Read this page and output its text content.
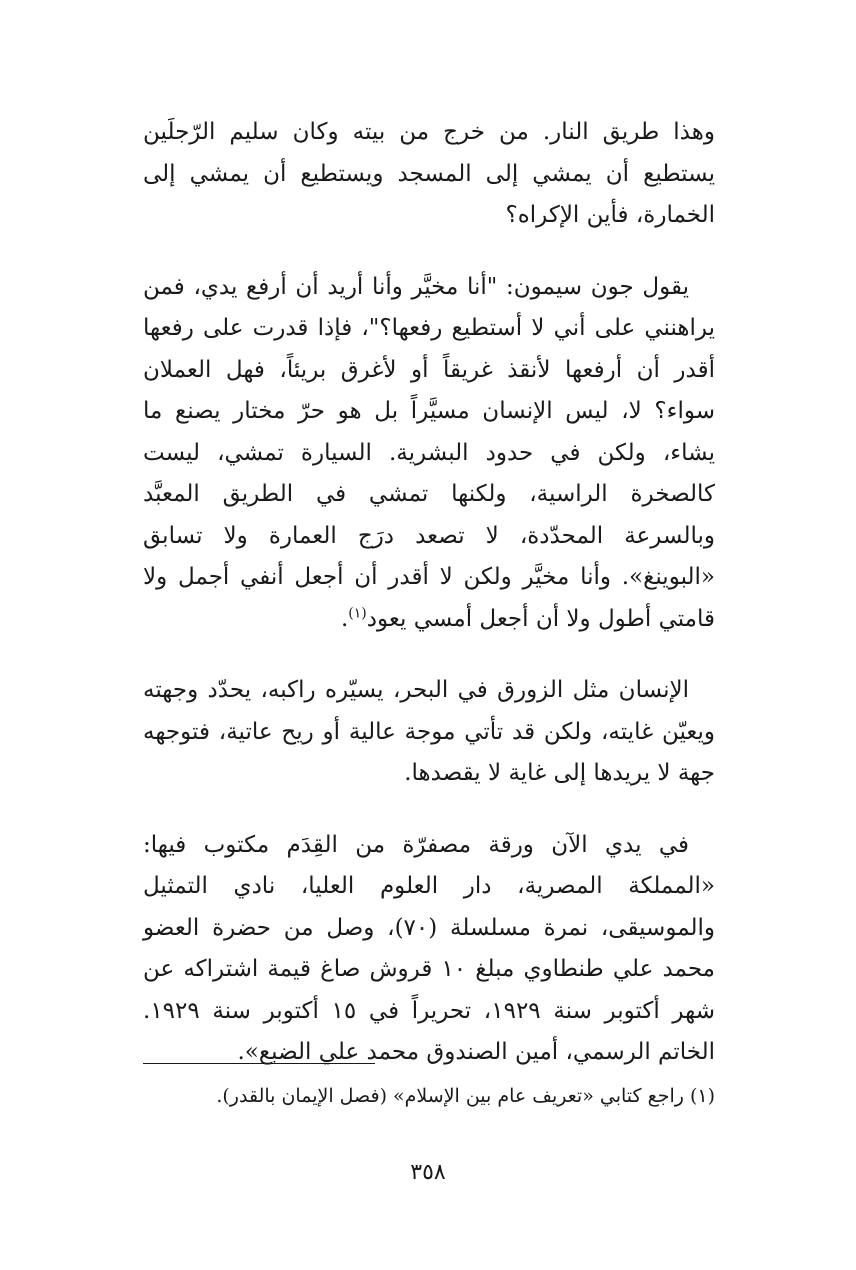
وهذا طريق النار. من خرج من بيته وكان سليم الرّجلَين يستطيع أن يمشي إلى المسجد ويستطيع أن يمشي إلى الخمارة، فأين الإكراه؟

يقول جون سيمون: "أنا مخيَّر وأنا أريد أن أرفع يدي، فمن يراهنني على أني لا أستطيع رفعها؟"، فإذا قدرت على رفعها أقدر أن أرفعها لأنقذ غريقاً أو لأغرق بريئاً، فهل العملان سواء؟ لا، ليس الإنسان مسيَّراً بل هو حرّ مختار يصنع ما يشاء، ولكن في حدود البشرية. السيارة تمشي، ليست كالصخرة الراسية، ولكنها تمشي في الطريق المعبَّد وبالسرعة المحدّدة، لا تصعد درَج العمارة ولا تسابق «البوينغ». وأنا مخيَّر ولكن لا أقدر أن أجعل أنفي أجمل ولا قامتي أطول ولا أن أجعل أمسي يعود$^{(١)}$.

الإنسان مثل الزورق في البحر، يسيّره راكبه، يحدّد وجهته ويعيّن غايته، ولكن قد تأتي موجة عالية أو ريح عاتية، فتوجهه جهة لا يريدها إلى غاية لا يقصدها.

في يدي الآن ورقة مصفرّة من القِدَم مكتوب فيها: «المملكة المصرية، دار العلوم العليا، نادي التمثيل والموسيقى، نمرة مسلسلة (٧٠)، وصل من حضرة العضو محمد علي طنطاوي مبلغ ١٠ قروش صاغ قيمة اشتراكه عن شهر أكتوبر سنة ١٩٢٩، تحريراً في ١٥ أكتوبر سنة ١٩٢٩. الخاتم الرسمي، أمين الصندوق محمد علي الضبع».

(١) راجع كتابي «تعريف عام بين الإسلام» (فصل الإيمان بالقدر).

٣٥٨
